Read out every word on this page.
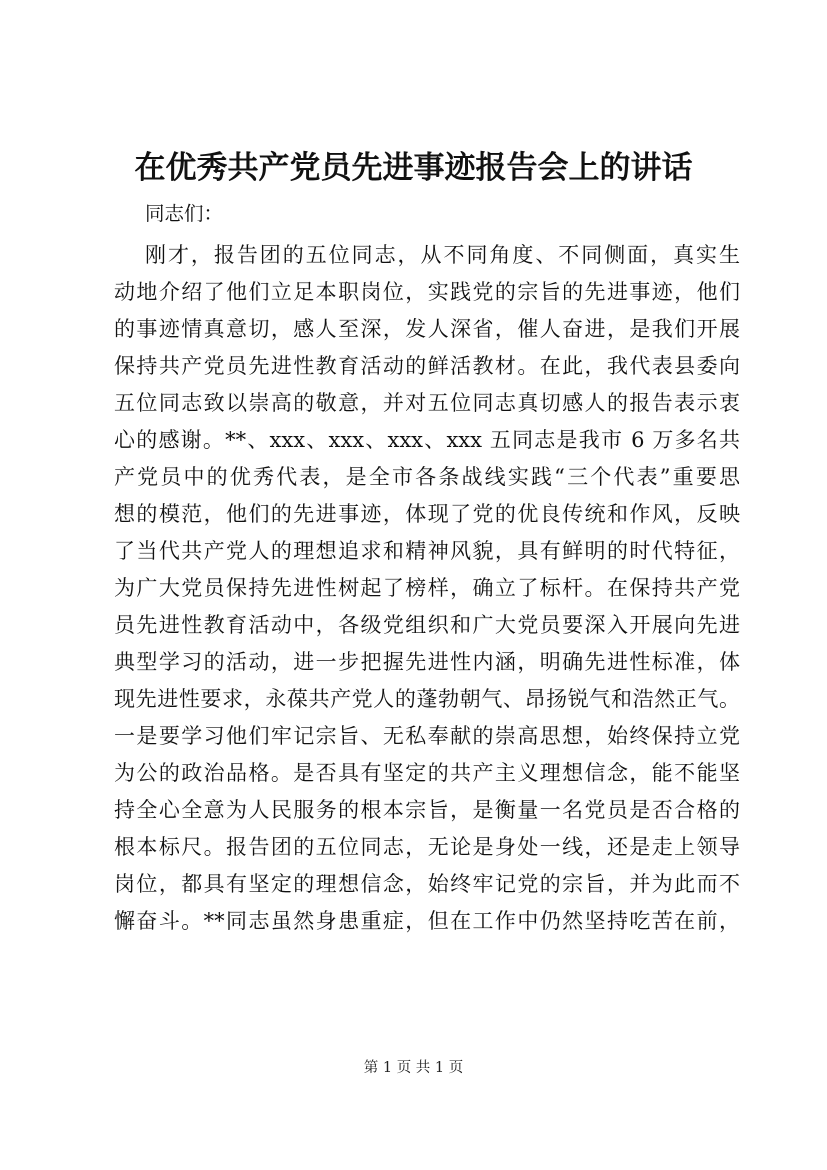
在优秀共产党员先进事迹报告会上的讲话
同志们：
刚才，报告团的五位同志，从不同角度、不同侧面，真实生
动地介绍了他们立足本职岗位，实践党的宗旨的先进事迹，他们
的事迹情真意切，感人至深，发人深省，催人奋进，是我们开展
保持共产党员先进性教育活动的鲜活教材。在此，我代表县委向
五位同志致以崇高的敬意，并对五位同志真切感人的报告表示衷
心的感谢。**、xxx、xxx、xxx、xxx 五同志是我市 6 万多名共
产党员中的优秀代表，是全市各条战线实践“三个代表”重要思
想的模范，他们的先进事迹，体现了党的优良传统和作风，反映
了当代共产党人的理想追求和精神风貌，具有鲜明的时代特征，
为广大党员保持先进性树起了榜样，确立了标杆。在保持共产党
员先进性教育活动中，各级党组织和广大党员要深入开展向先进
典型学习的活动，进一步把握先进性内涵，明确先进性标准，体
现先进性要求，永葆共产党人的蓬勃朝气、昂扬锐气和浩然正气。
一是要学习他们牢记宗旨、无私奉献的崇高思想，始终保持立党
为公的政治品格。是否具有坚定的共产主义理想信念，能不能坚
持全心全意为人民服务的根本宗旨，是衡量一名党员是否合格的
根本标尺。报告团的五位同志，无论是身处一线，还是走上领导
岗位，都具有坚定的理想信念，始终牢记党的宗旨，并为此而不
懈奋斗。**同志虽然身患重症，但在工作中仍然坚持吃苦在前，
第 1 页 共 1 页
